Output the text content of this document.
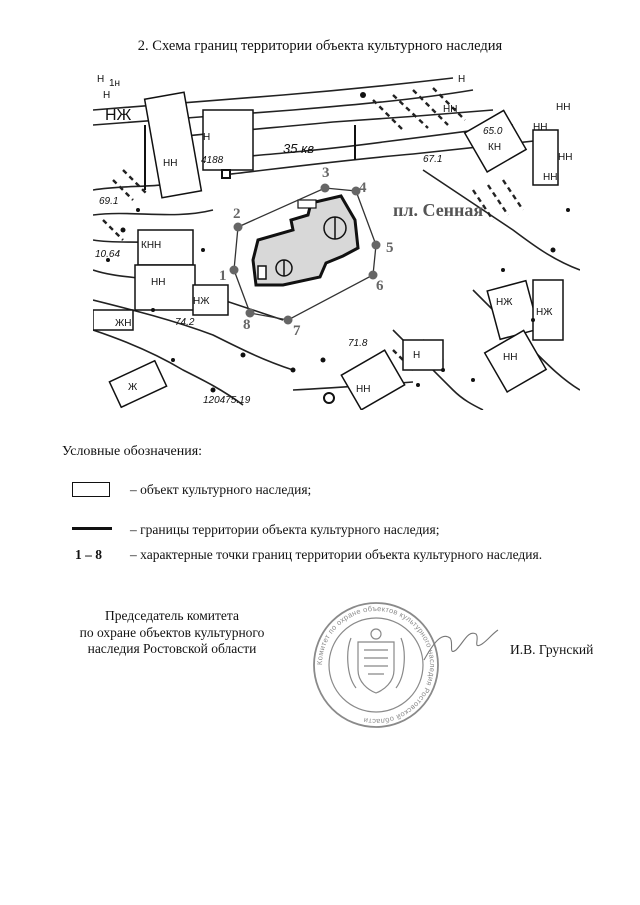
2. Схема границ территории объекта культурного наследия
1
2
3
4
5
6
7
8
пл. Сенная
НЖ
Н	Н
КН
НН
НН
НН
1н
НН
НН
НН
КНН
НН
НЖ
Ж
ЖН
НЖ
НЖ
НН
НН
Н
Н
Н
4188
35 кв
69.1
10.64
67.1
74.2
71.8
120475.19
65.0
Условные обозначения:
– объект культурного наследия;
– границы территории объекта культурного наследия;
1 – 8 – характерные точки границ территории объекта культурного наследия.
Председатель комитета
по охране объектов культурного
наследия Ростовской области
Комитет по охране объектов культурного наследия Ростовской области
И.В. Грунский
